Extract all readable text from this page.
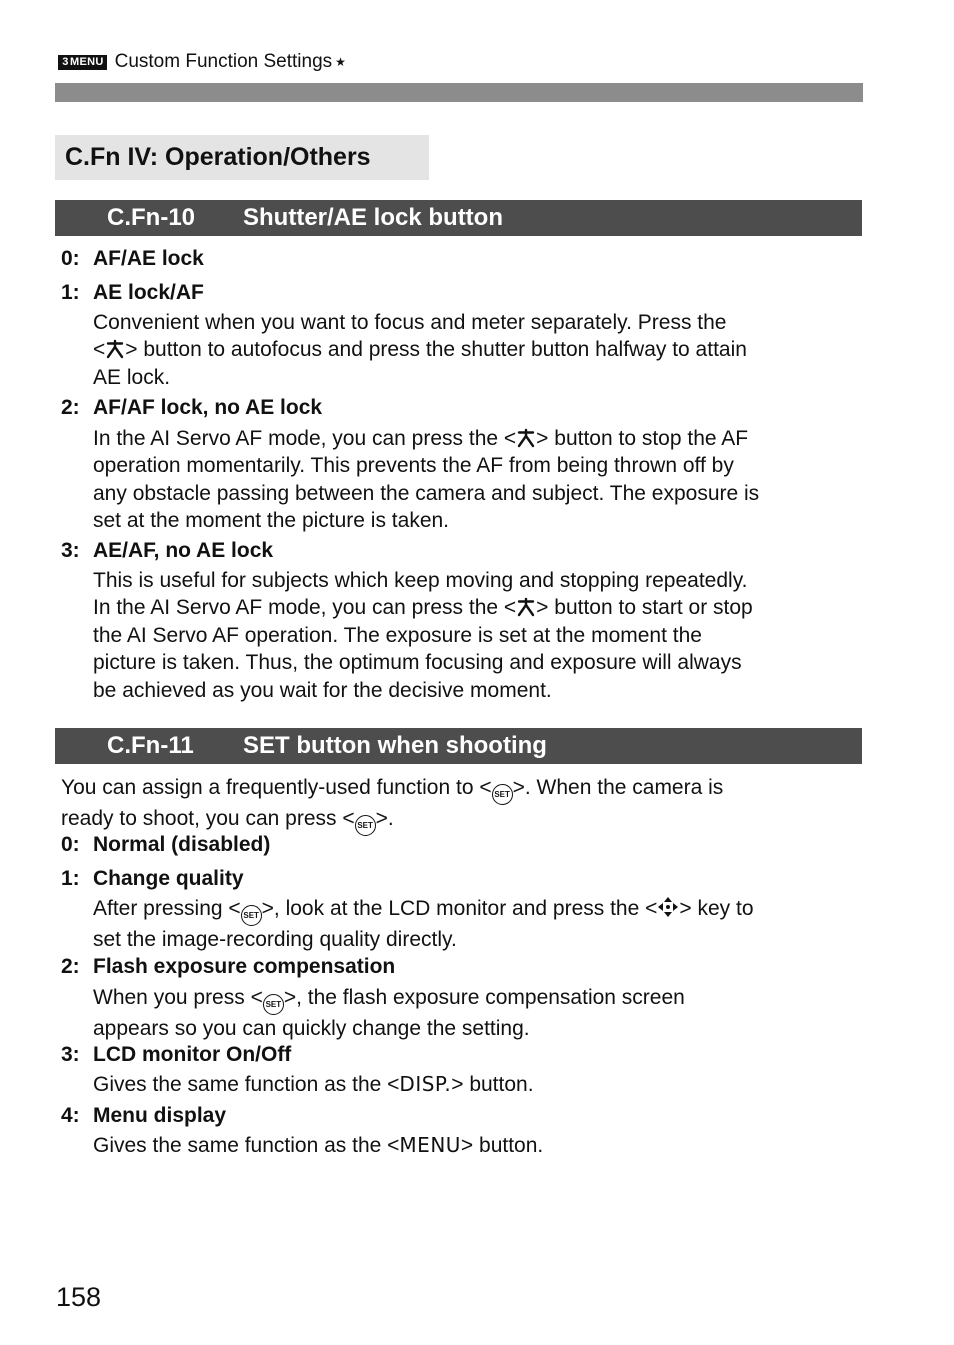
3 MENU Custom Function Settings ★
C.Fn IV: Operation/Others
C.Fn-10	Shutter/AE lock button
0: AF/AE lock
1: AE lock/AF
Convenient when you want to focus and meter separately. Press the
< > button to autofocus and press the shutter button halfway to attain
AE lock.
2: AF/AF lock, no AE lock
In the AI Servo AF mode, you can press the < > button to stop the AF
operation momentarily. This prevents the AF from being thrown off by
any obstacle passing between the camera and subject. The exposure is
set at the moment the picture is taken.
3: AE/AF, no AE lock
This is useful for subjects which keep moving and stopping repeatedly.
In the AI Servo AF mode, you can press the < > button to start or stop
the AI Servo AF operation. The exposure is set at the moment the
picture is taken. Thus, the optimum focusing and exposure will always
be achieved as you wait for the decisive moment.
C.Fn-11	SET button when shooting
You can assign a frequently-used function to < SET >. When the camera is
ready to shoot, you can press < SET >.
0: Normal (disabled)
1: Change quality
After pressing < SET >, look at the LCD monitor and press the < > key to
set the image-recording quality directly.
2: Flash exposure compensation
When you press < SET >, the flash exposure compensation screen
appears so you can quickly change the setting.
3: LCD monitor On/Off
Gives the same function as the <DISP.> button.
4: Menu display
Gives the same function as the <MENU> button.
158
